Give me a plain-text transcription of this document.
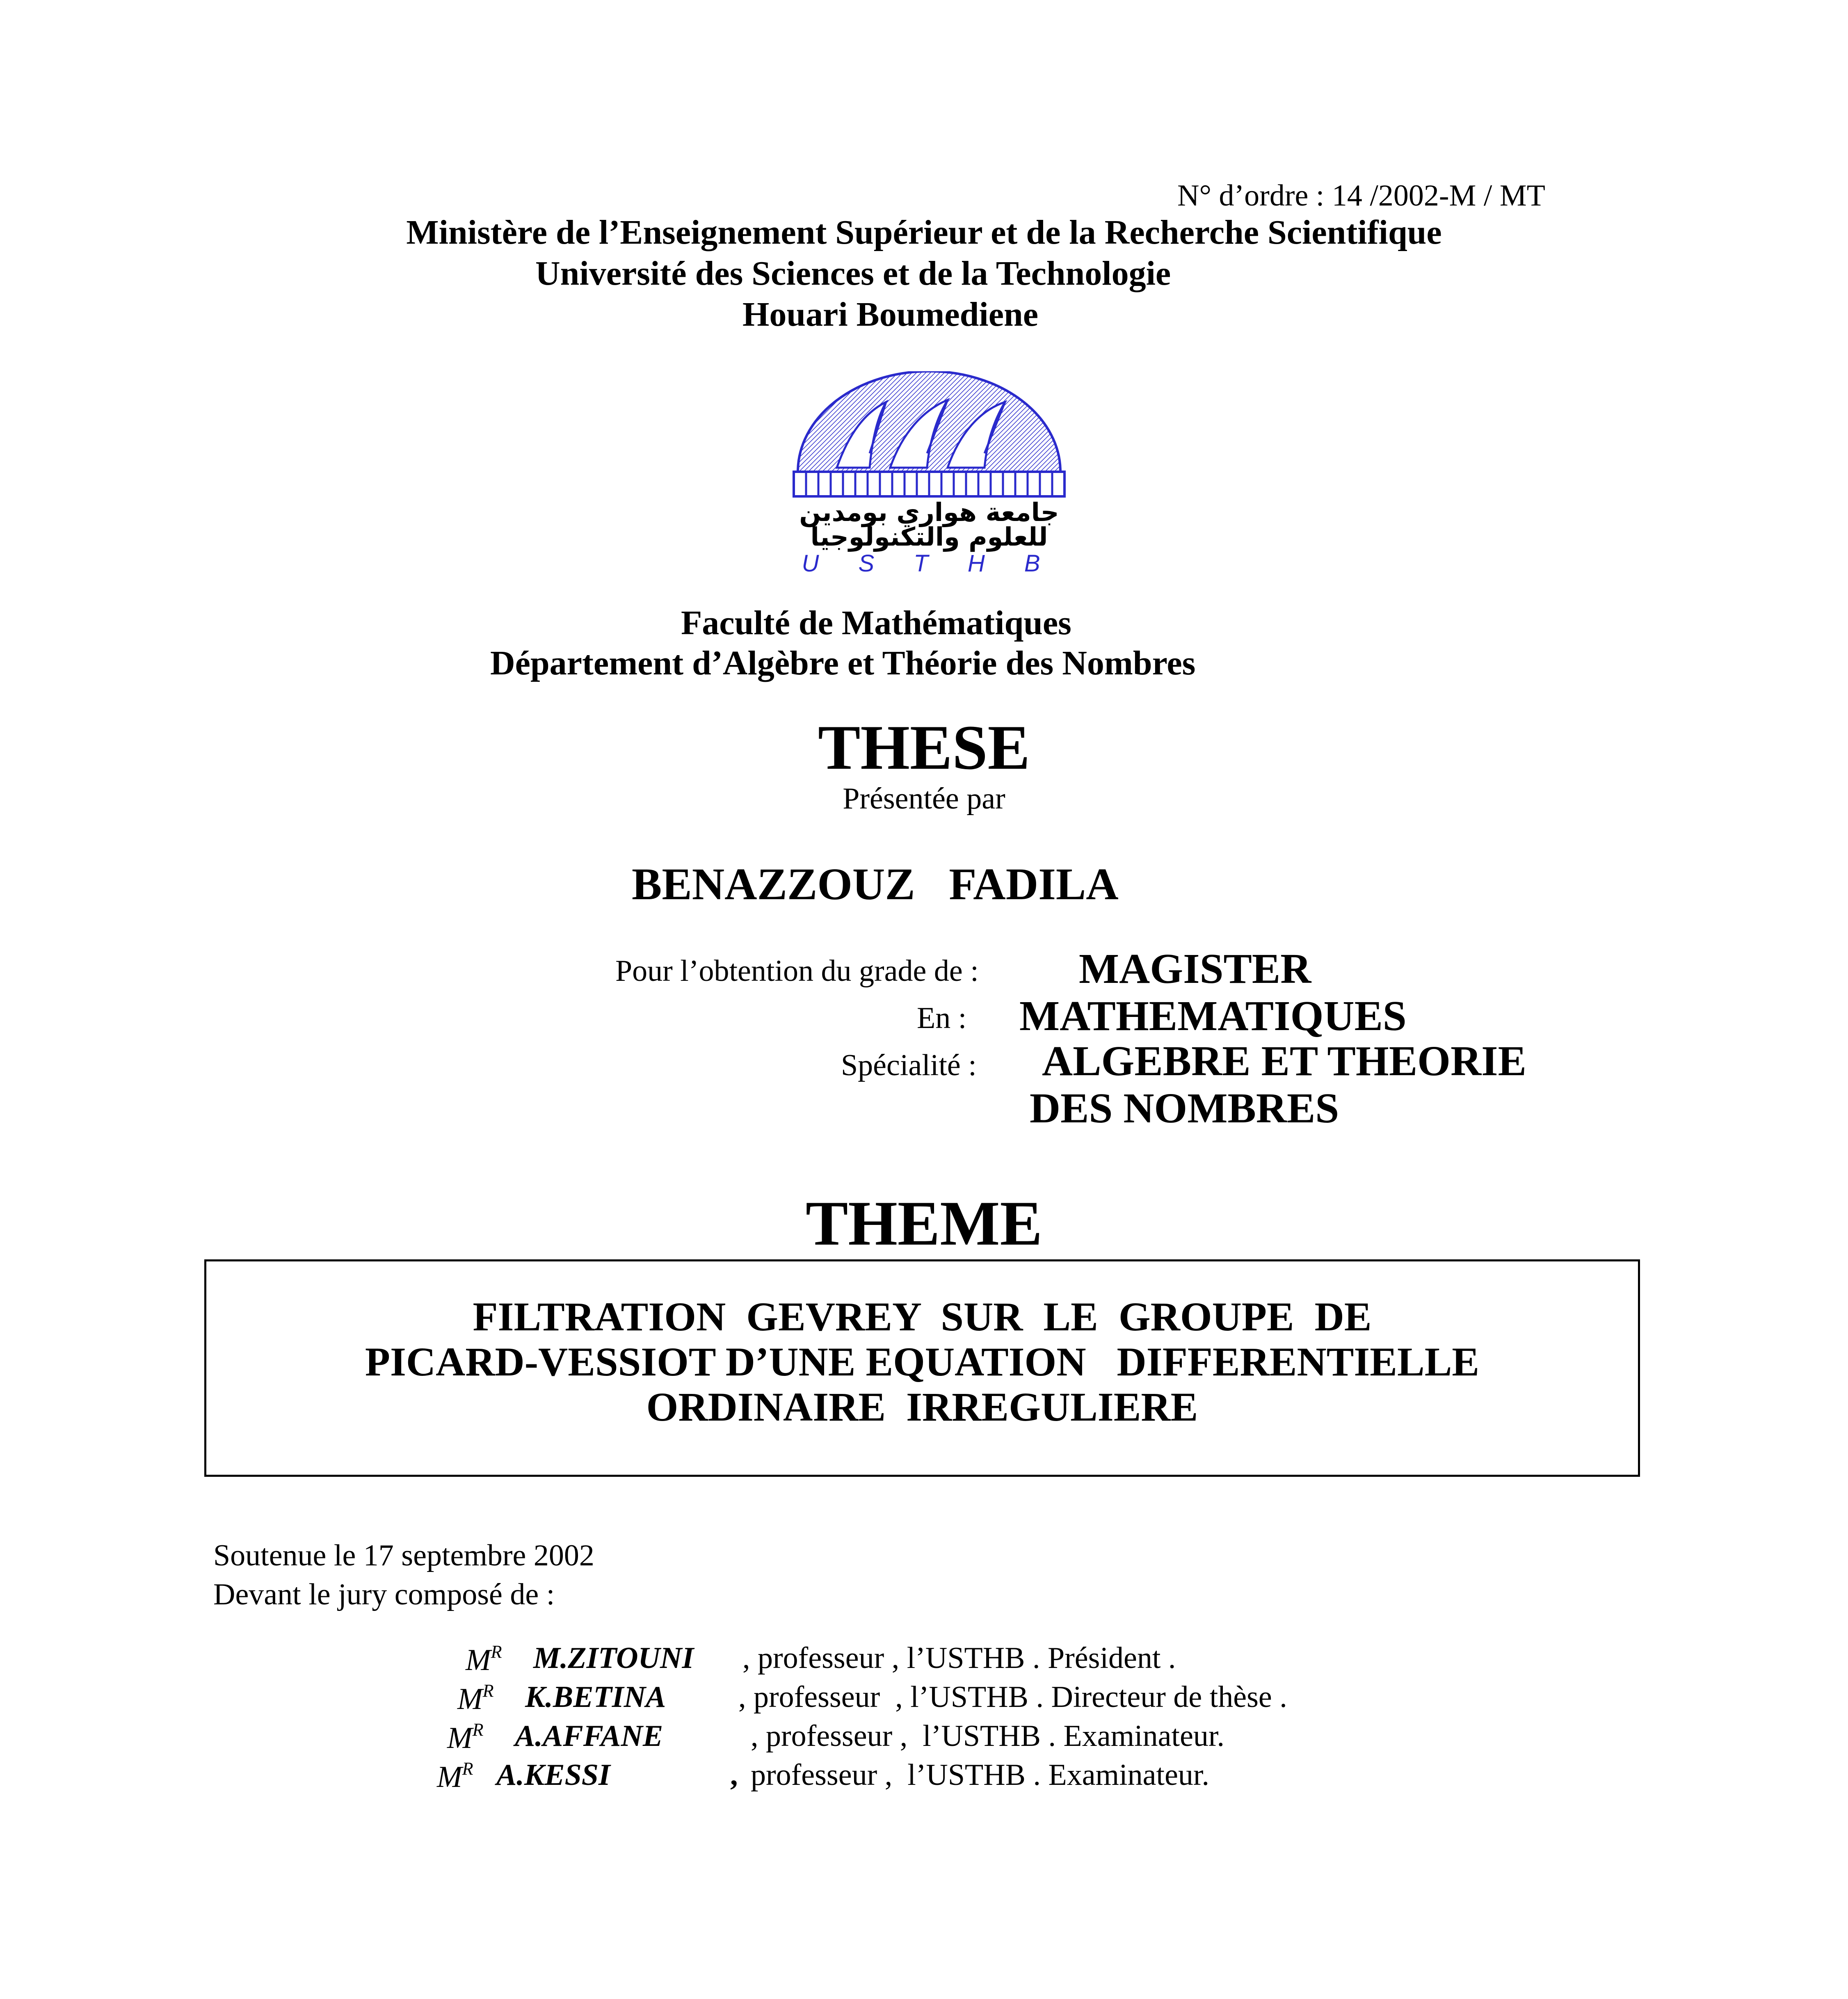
N° d’ordre : 14 /2002-M / MT
Ministère de l’Enseignement Supérieur et de la Recherche Scientifique
Université des Sciences et de la Technologie
Houari Boumediene
جامعة هواري بومدين
للعلوم والتكنولوجيا
U S T H B
Faculté de Mathématiques
Département d’Algèbre et Théorie des Nombres
THESE
Présentée par
BENAZZOUZ   FADILA
Pour l’obtention du grade de : MAGISTER
En : MATHEMATIQUES
Spécialité : ALGEBRE ET THEORIE
DES NOMBRES
THEME
FILTRATION  GEVREY  SUR  LE  GROUPE  DE
PICARD-VESSIOT D’UNE EQUATION   DIFFERENTIELLE
ORDINAIRE  IRREGULIERE
Soutenue le 17 septembre 2002
Devant le jury composé de :
$M^R$ M.ZITOUNI , professeur , l’USTHB . Président .
$M^R$ K.BETINA , professeur  , l’USTHB . Directeur de thèse .
$M^R$ A.AFFANE	, professeur ,  l’USTHB . Examinateur.
$M^R$ A.KESSI	, professeur ,  l’USTHB . Examinateur.
